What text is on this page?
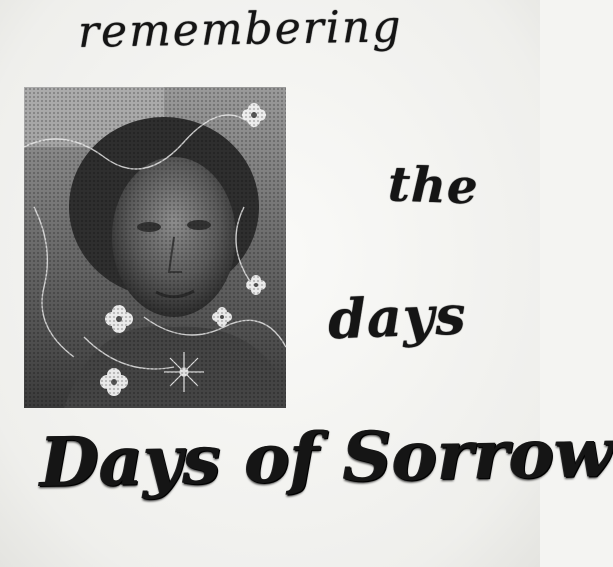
remembering
the
days
Days of Sorrow
